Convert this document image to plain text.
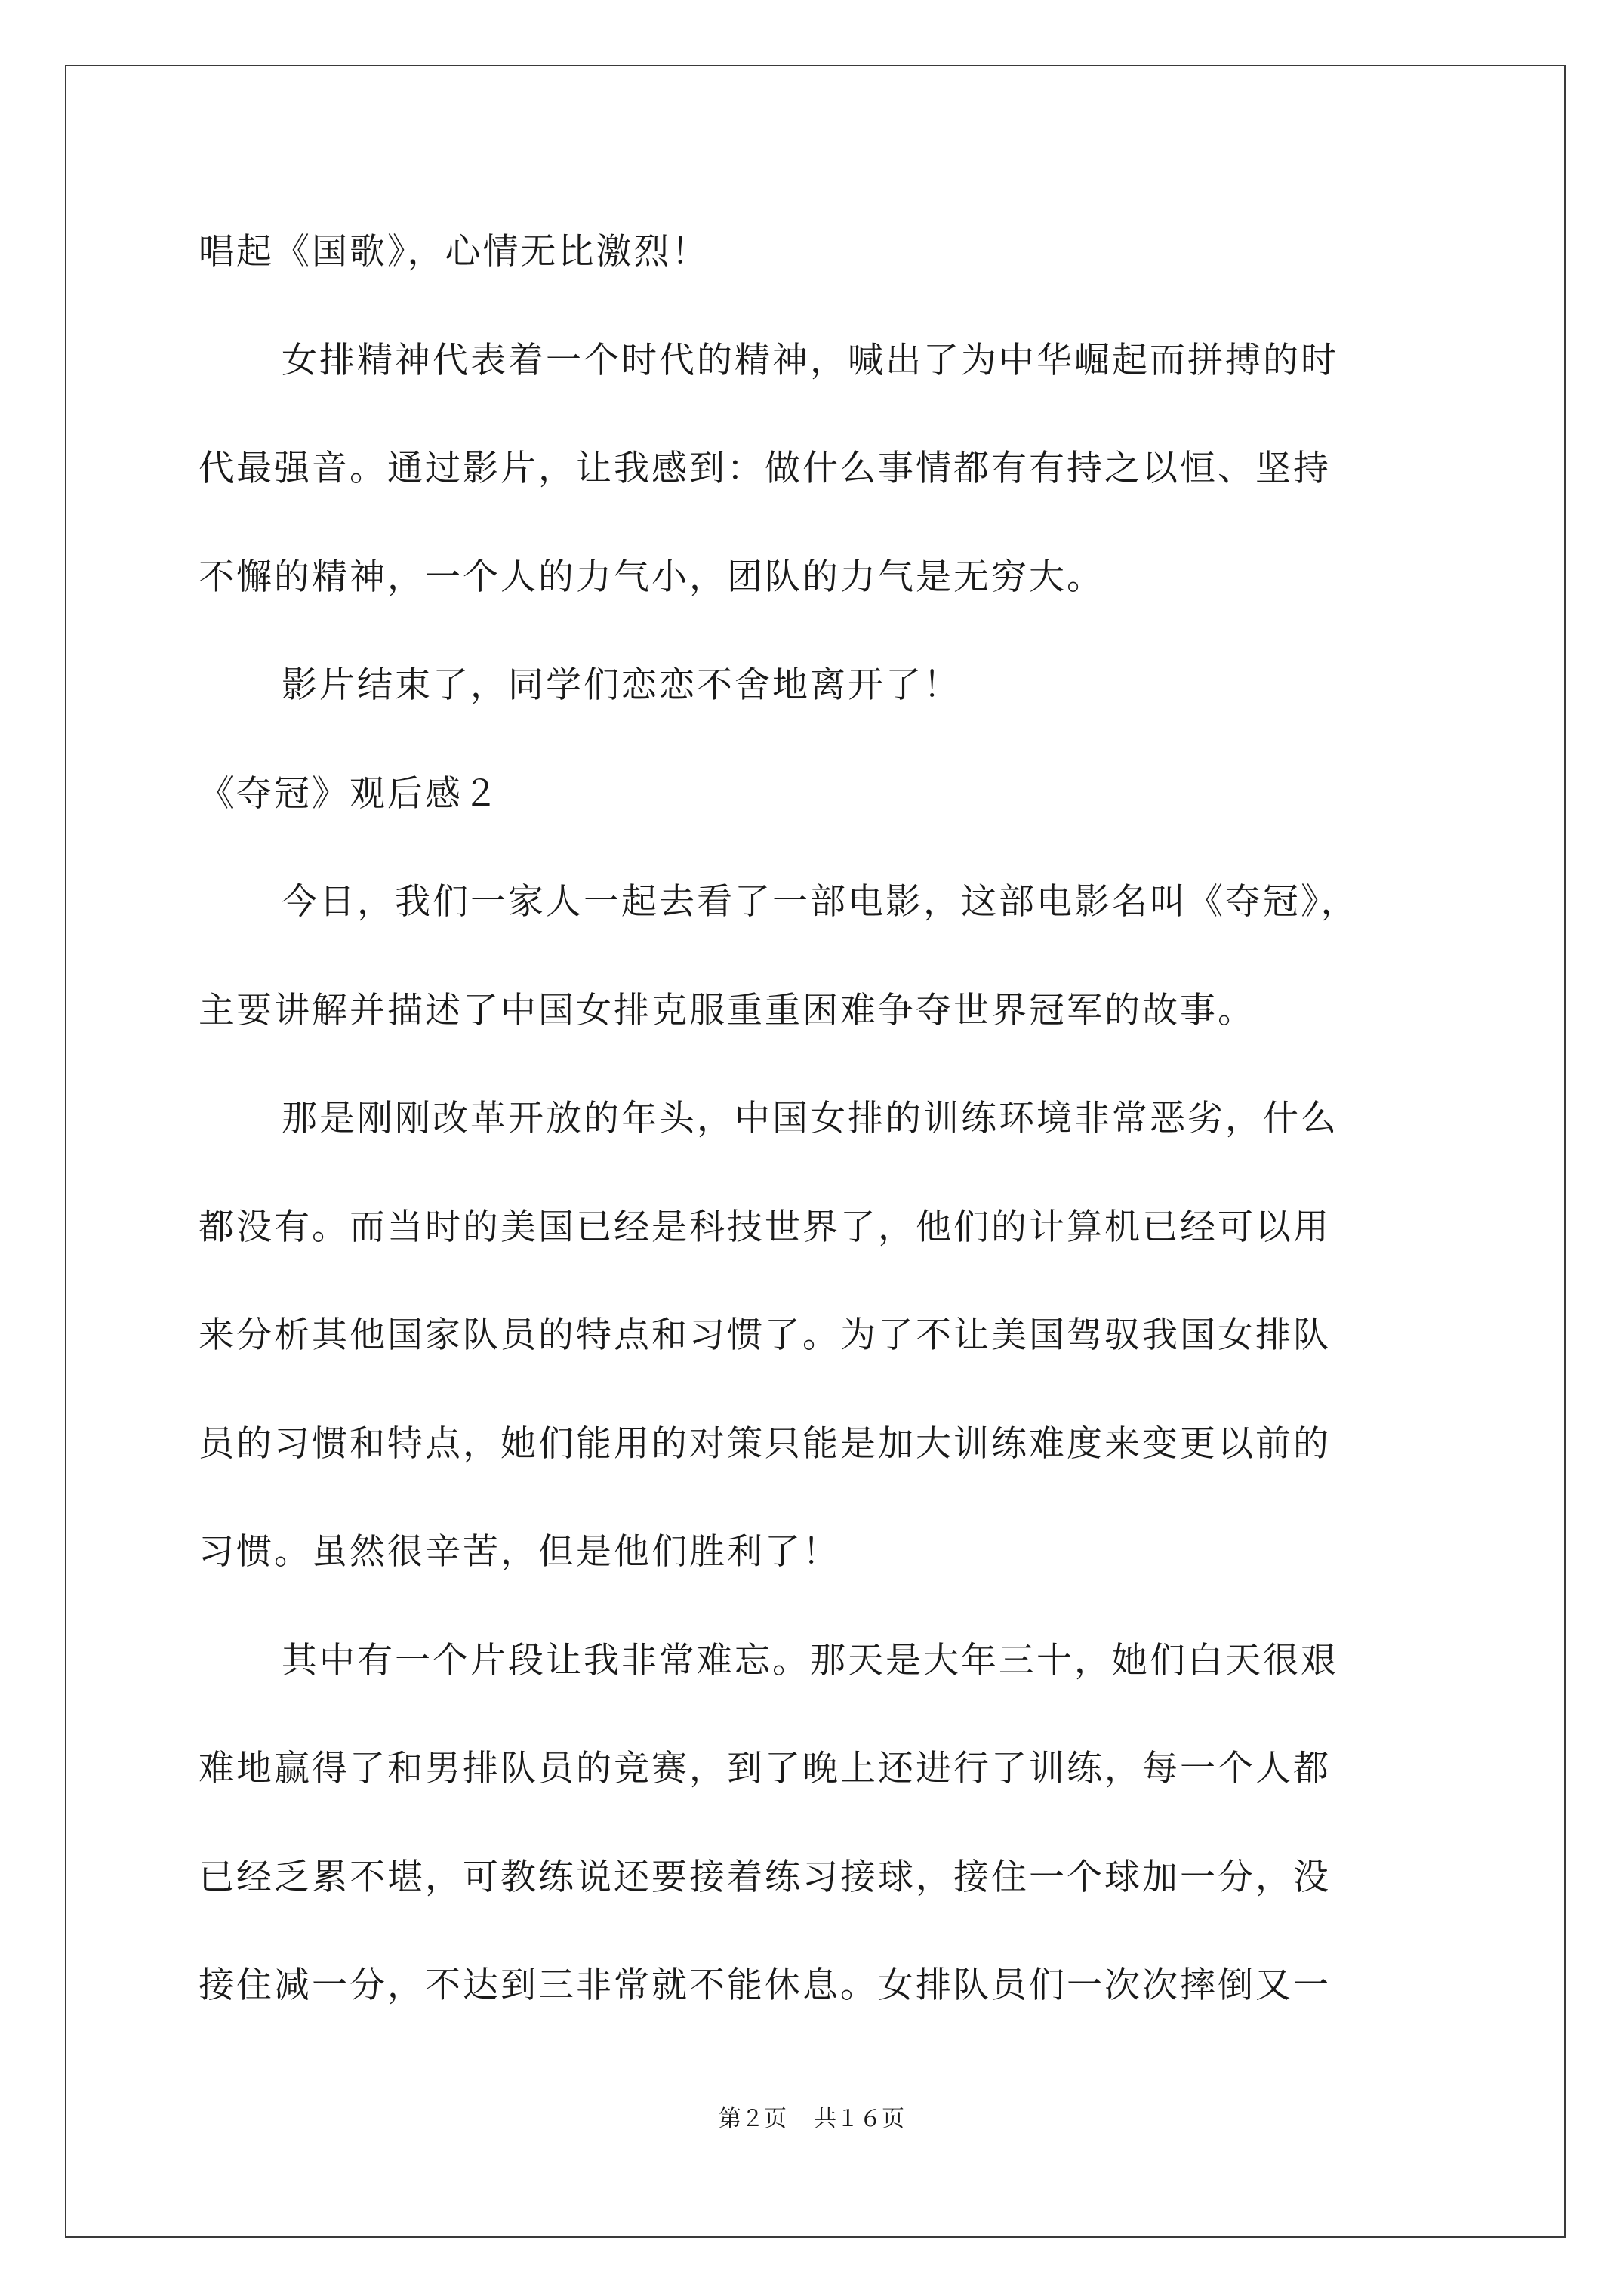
唱起《国歌》，心情无比激烈！
女排精神代表着一个时代的精神，喊出了为中华崛起而拼搏的时
代最强音。通过影片，让我感到：做什么事情都有有持之以恒、坚持
不懈的精神，一个人的力气小，团队的力气是无穷大。
影片结束了，同学们恋恋不舍地离开了！
《夺冠》观后感２
今日，我们一家人一起去看了一部电影，这部电影名叫《夺冠》，
主要讲解并描述了中国女排克服重重困难争夺世界冠军的故事。
那是刚刚改革开放的年头，中国女排的训练环境非常恶劣，什么
都没有。而当时的美国已经是科技世界了，他们的计算机已经可以用
来分析其他国家队员的特点和习惯了。为了不让美国驾驭我国女排队
员的习惯和特点，她们能用的对策只能是加大训练难度来变更以前的
习惯。虽然很辛苦，但是他们胜利了！
其中有一个片段让我非常难忘。那天是大年三十，她们白天很艰
难地赢得了和男排队员的竞赛，到了晚上还进行了训练，每一个人都
已经乏累不堪，可教练说还要接着练习接球，接住一个球加一分，没
接住减一分，不达到三非常就不能休息。女排队员们一次次摔倒又一
第２页 共１６页
